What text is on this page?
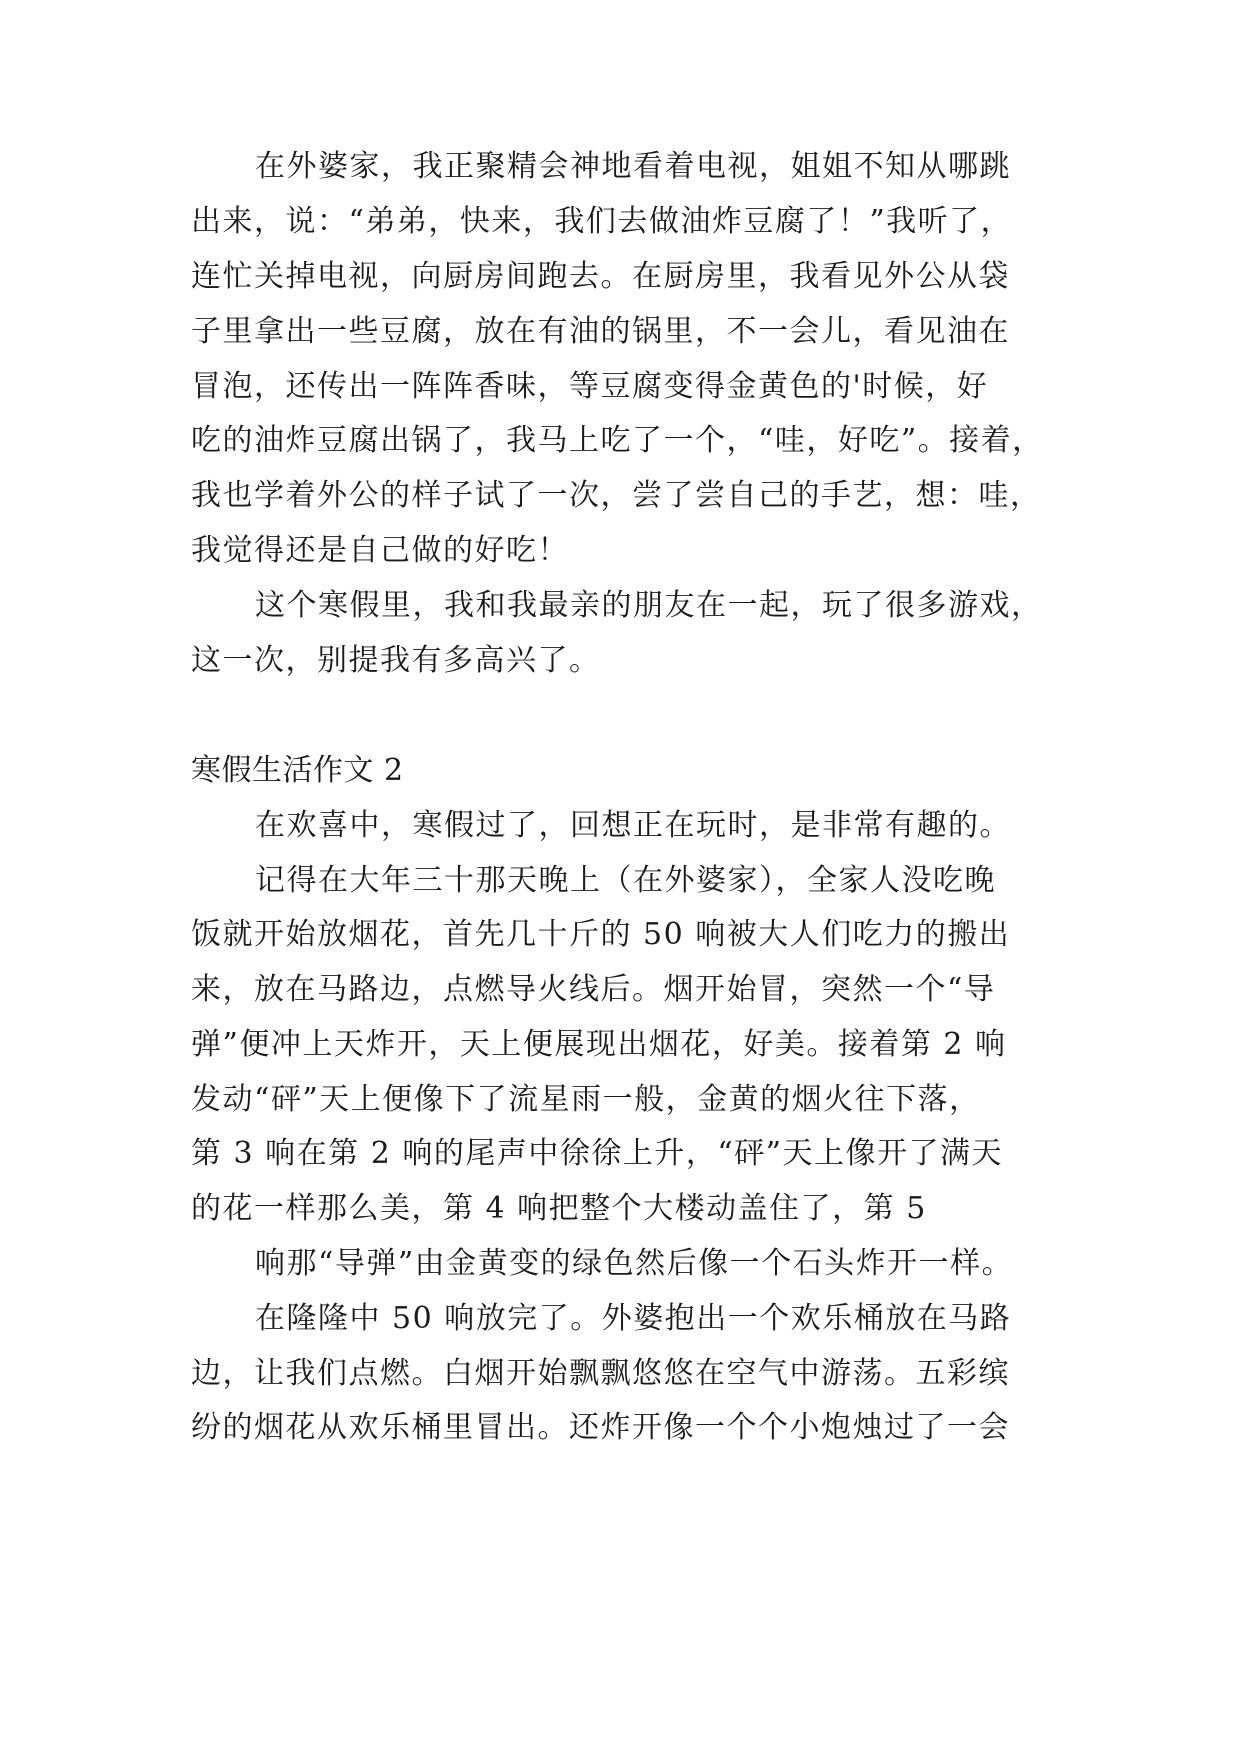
在外婆家，我正聚精会神地看着电视，姐姐不知从哪跳
出来，说：“弟弟，快来，我们去做油炸豆腐了！”我听了，
连忙关掉电视，向厨房间跑去。在厨房里，我看见外公从袋
子里拿出一些豆腐，放在有油的锅里，不一会儿，看见油在
冒泡，还传出一阵阵香味，等豆腐变得金黄色的'时候，好
吃的油炸豆腐出锅了，我马上吃了一个，“哇，好吃”。接着，
我也学着外公的样子试了一次，尝了尝自己的手艺，想：哇，
我觉得还是自己做的好吃！
这个寒假里，我和我最亲的朋友在一起，玩了很多游戏，
这一次，别提我有多高兴了。
寒假生活作文 2
在欢喜中，寒假过了，回想正在玩时，是非常有趣的。
记得在大年三十那天晚上（在外婆家），全家人没吃晚
饭就开始放烟花，首先几十斤的 50 响被大人们吃力的搬出
来，放在马路边，点燃导火线后。烟开始冒，突然一个“导
弹”便冲上天炸开，天上便展现出烟花，好美。接着第 2 响
发动“砰”天上便像下了流星雨一般，金黄的烟火往下落，
第 3 响在第 2 响的尾声中徐徐上升，“砰”天上像开了满天
的花一样那么美，第 4 响把整个大楼动盖住了，第 5
响那“导弹”由金黄变的绿色然后像一个石头炸开一样。
在隆隆中 50 响放完了。外婆抱出一个欢乐桶放在马路
边，让我们点燃。白烟开始飘飘悠悠在空气中游荡。五彩缤
纷的烟花从欢乐桶里冒出。还炸开像一个个小炮烛过了一会
